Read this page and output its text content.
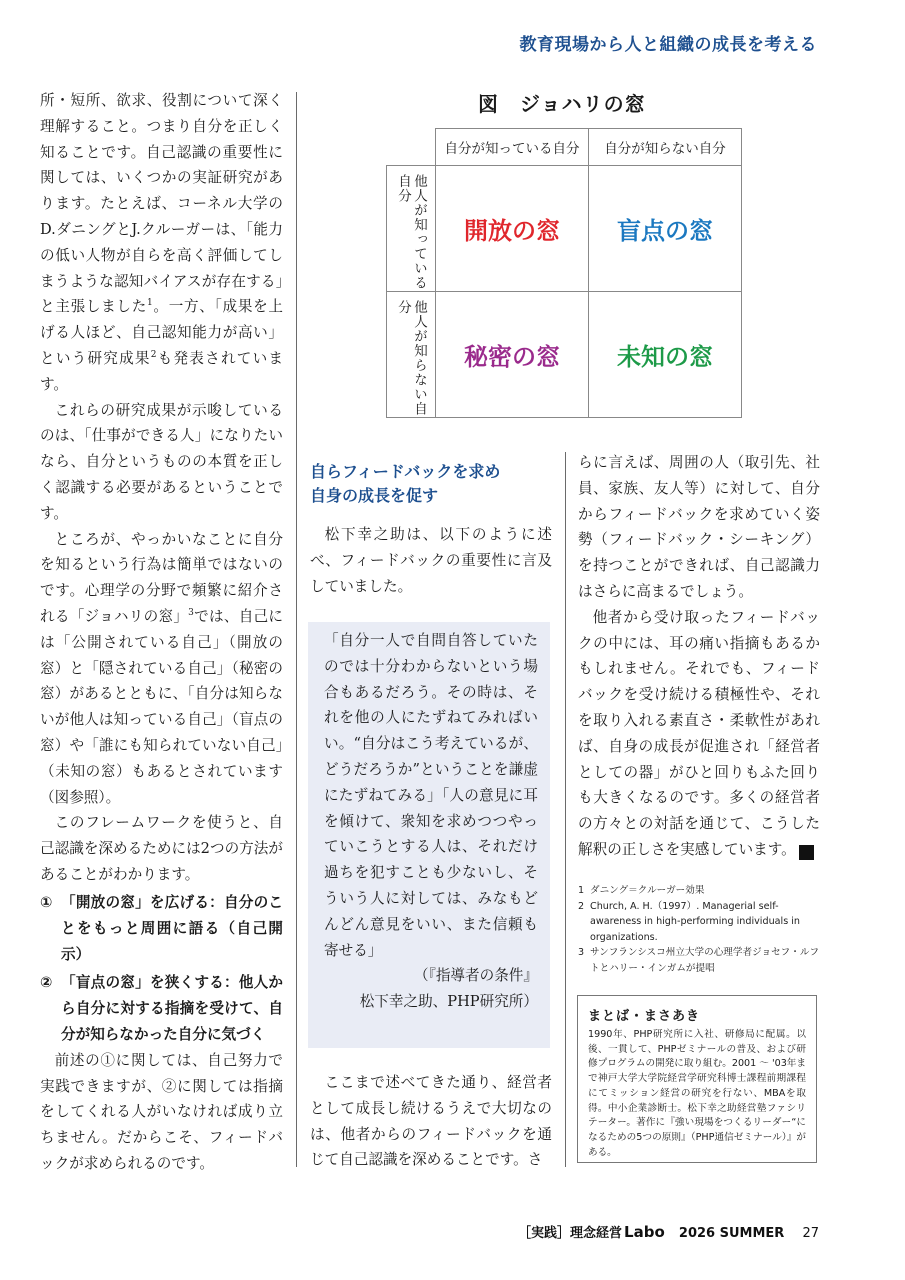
教育現場から人と組織の成長を考える

所・短所、欲求、役割について深く理解すること。つまり自分を正しく知ることです。自己認識の重要性に関しては、いくつかの実証研究があります。たとえば、コーネル大学のD.ダニングとJ.クルーガーは、「能力の低い人物が自らを高く評価してしまうような認知バイアスが存在する」と主張しました$^1$。一方、「成果を上げる人ほど、自己認知能力が高い」という研究成果$^2$も発表されています。

これらの研究成果が示唆しているのは、「仕事ができる人」になりたいなら、自分というものの本質を正しく認識する必要があるということです。

ところが、やっかいなことに自分を知るという行為は簡単ではないのです。心理学の分野で頻繁に紹介される「ジョハリの窓」$^3$では、自己には「公開されている自己」（開放の窓）と「隠されている自己」（秘密の窓）があるとともに、「自分は知らないが他人は知っている自己」（盲点の窓）や「誰にも知られていない自己」（未知の窓）もあるとされています（図参照）。

このフレームワークを使うと、自己認識を深めるためには2つの方法があることがわかります。

① 「開放の窓」を広げる：自分のことをもっと周囲に語る（自己開示）
② 「盲点の窓」を狭くする：他人から自分に対する指摘を受けて、自分が知らなかった自分に気づく

前述の①に関しては、自己努力で実践できますが、②に関しては指摘をしてくれる人がいなければ成り立ちません。だからこそ、フィードバックが求められるのです。

図　ジョハリの窓
	自分が知っている自分	自分が知らない自分

他人が知っている自分	開放の窓	盲点の窓

他人が知らない自分	秘密の窓	未知の窓
自らフィードバックを求め
自身の成長を促す

松下幸之助は、以下のように述べ、フィードバックの重要性に言及していました。

「自分一人で自問自答していたのでは十分わからないという場合もあるだろう。その時は、それを他の人にたずねてみればいい。“自分はこう考えているが、どうだろうか”ということを謙虚にたずねてみる」「人の意見に耳を傾けて、衆知を求めつつやっていこうとする人は、それだけ過ちを犯すことも少ないし、そういう人に対しては、みなもどんどん意見をいい、また信頼も寄せる」

（『指導者の条件』

松下幸之助、PHP研究所）

ここまで述べてきた通り、経営者として成長し続けるうえで大切なのは、他者からのフィードバックを通じて自己認識を深めることです。さ

らに言えば、周囲の人（取引先、社員、家族、友人等）に対して、自分からフィードバックを求めていく姿勢（フィードバック・シーキング）を持つことができれば、自己認識力はさらに高まるでしょう。

他者から受け取ったフィードバックの中には、耳の痛い指摘もあるかもしれません。それでも、フィードバックを受け続ける積極性や、それを取り入れる素直さ・柔軟性があれば、自身の成長が促進され「経営者としての器」がひと回りもふた回りも大きくなるのです。多くの経営者の方々との対話を通じて、こうした解釈の正しさを実感しています。 L

1 ダニング＝クルーガー効果
2 Church, A. H.（1997）. Managerial self-awareness in high-performing individuals in organizations.
3 サンフランシスコ州立大学の心理学者ジョセフ・ルフトとハリー・インガムが提唱
まとば・まさあき
1990年、PHP研究所に入社、研修局に配属。以後、一貫して、PHPゼミナールの普及、および研修プログラムの開発に取り組む。2001 ～ '03年まで神戸大学大学院経営学研究科博士課程前期課程にてミッション経営の研究を行ない、MBAを取得。中小企業診断士。松下幸之助経営塾ファシリテーター。著作に『強い現場をつくるリーダー“になるための5つの原則』（PHP通信ゼミナール）』がある。
［実践］理念経営 Labo 2026 SUMMER 27
